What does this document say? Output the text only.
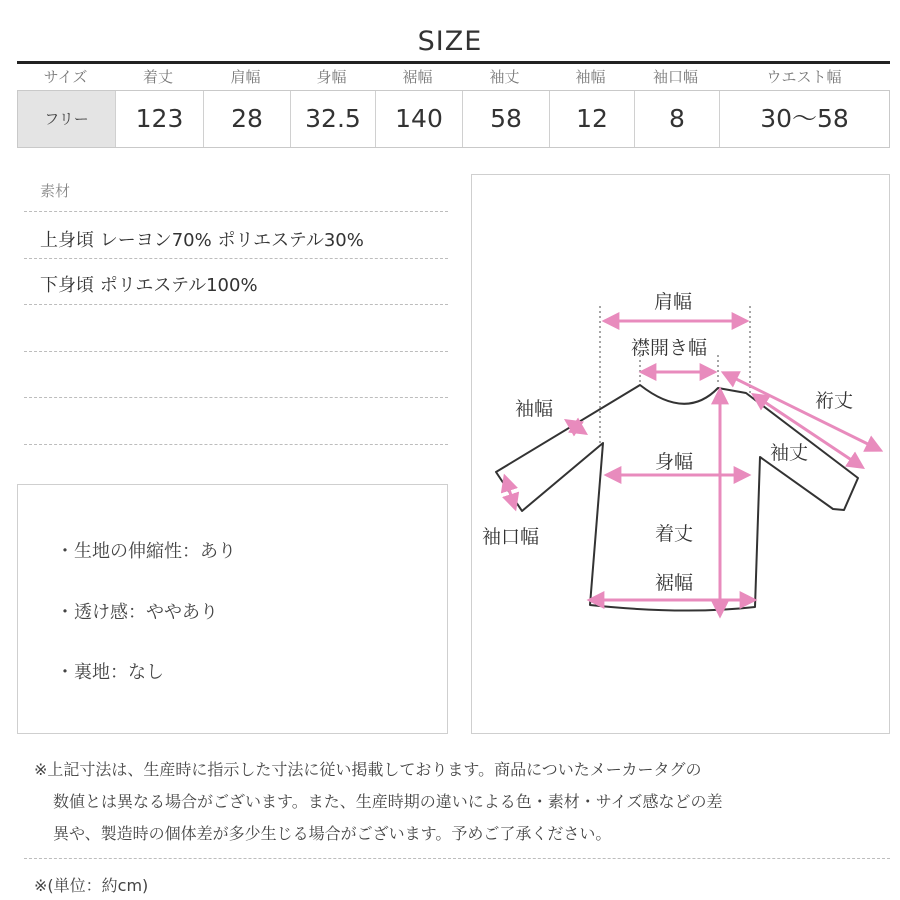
SIZE
サイズ	着丈	肩幅	身幅	裾幅	袖丈	袖幅	袖口幅	ウエスト幅
フリー	123	28	32.5	140	58	12	8	30～58
素材
上身頃 レーヨン70% ポリエステル30%
下身頃 ポリエステル100%
・生地の伸縮性：あり
・透け感：ややあり
・裏地：なし
肩幅
襟開き幅
裄丈
袖幅
袖丈
身幅
袖口幅	着丈
裾幅
※上記寸法は、生産時に指示した寸法に従い掲載しております。商品についたメーカータグの
数値とは異なる場合がございます。また、生産時期の違いによる色・素材・サイズ感などの差
異や、製造時の個体差が多少生じる場合がございます。予めご了承ください。
※(単位：約cm)
